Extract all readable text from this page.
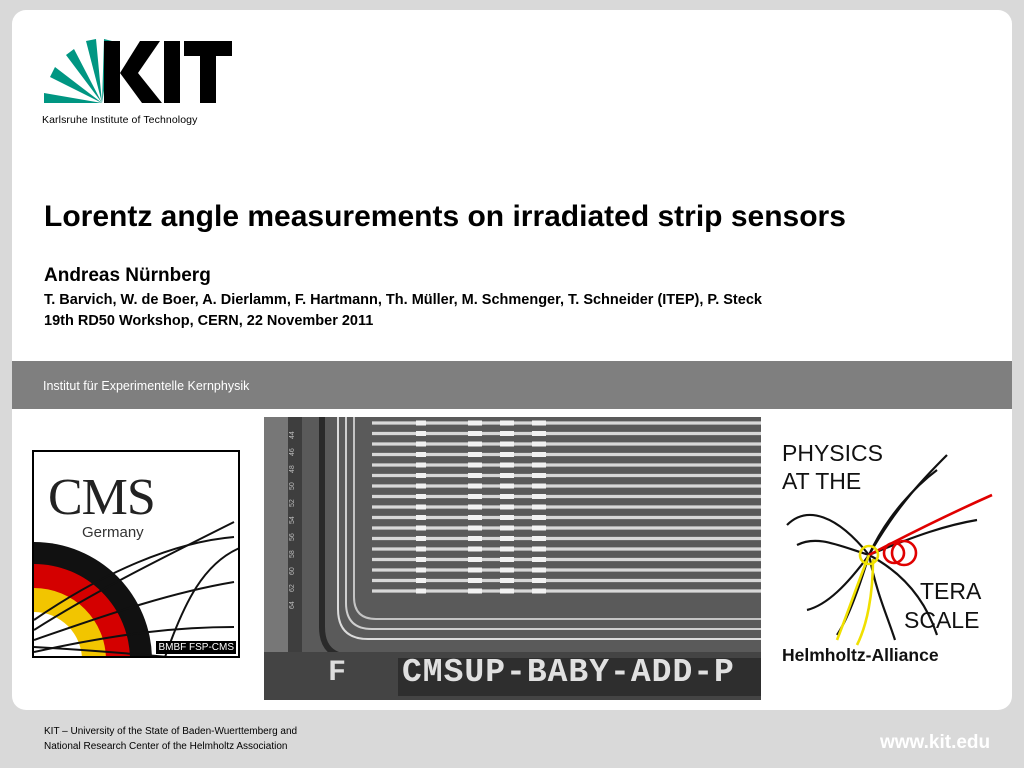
Karlsruhe Institute of Technology
Lorentz angle measurements on irradiated strip sensors
Andreas Nürnberg
T. Barvich, W. de Boer, A. Dierlamm, F. Hartmann, Th. Müller, M. Schmenger, T. Schneider (ITEP), P. Steck
19th RD50 Workshop, CERN, 22 November 2011
Institut für Experimentelle Kernphysik
CMS
Germany
BMBF FSP-CMS
44
46
48
50
52
54
56
58
60
62
64
F CMSUP-BABY-ADD-P
PHYSICS
AT THE
TERA
SCALE
Helmholtz-Alliance
KIT – University of the State of Baden-Wuerttemberg and
National Research Center of the Helmholtz Association	www.kit.edu
